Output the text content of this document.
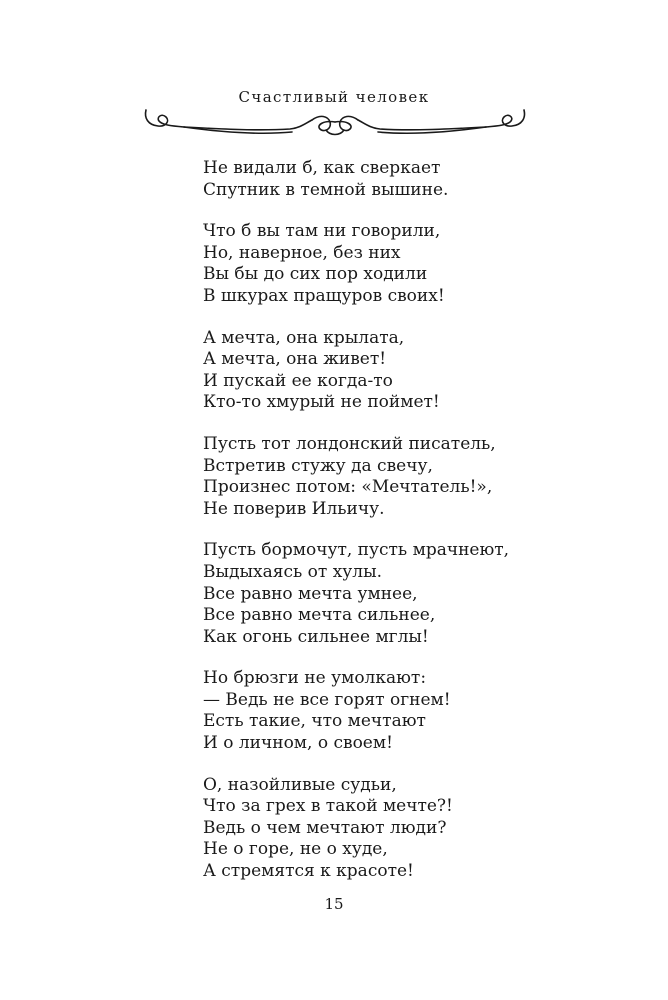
Счастливый человек
Не видали б, как сверкает
Спутник в темной вышине.
Что б вы там ни говорили,
Но, наверное, без них
Вы бы до сих пор ходили
В шкурах пращуров своих!
А мечта, она крылата,
А мечта, она живет!
И пускай ее когда-то
Кто-то хмурый не поймет!
Пусть тот лондонский писатель,
Встретив стужу да свечу,
Произнес потом: «Мечтатель!»,
Не поверив Ильичу.
Пусть бормочут, пусть мрачнеют,
Выдыхаясь от хулы.
Все равно мечта умнее,
Все равно мечта сильнее,
Как огонь сильнее мглы!
Но брюзги не умолкают:
— Ведь не все горят огнем!
Есть такие, что мечтают
И о личном, о своем!
О, назойливые судьи,
Что за грех в такой мечте?!
Ведь о чем мечтают люди?
Не о горе, не о худе,
А стремятся к красоте!
15
